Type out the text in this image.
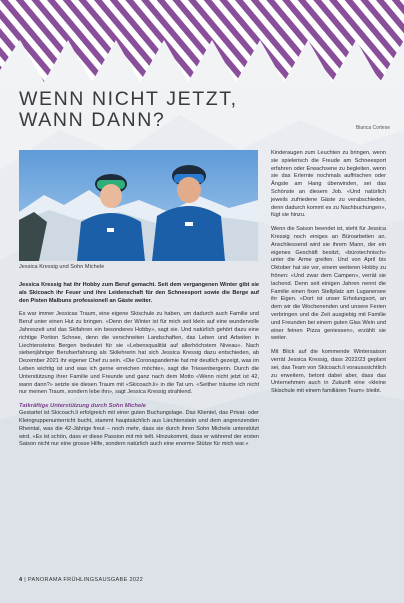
WENN NICHT JETZT,
WANN DANN?	Bianca Cortese
Jessica Kressig und Sohn Michele

Jessica Kressig hat ihr Hobby zum Beruf gemacht. Seit dem vergangenen Winter gibt sie als Skicoach ihr Feuer und ihre Leidenschaft für den Schneesport sowie die Berge auf den Pisten Malbuns professionell an Gäste weiter.

Es war immer Jessicas Traum, eine eigene Skischule zu haben, um dadurch auch Familie und Beruf unter einen Hut zu bringen. «Denn der Winter ist für mich seit klein auf eine wundervolle Jahreszeit und das Skifahren ein besonderes Hobby», sagt sie. Und natürlich gehört dazu eine richtige Portion Schnee, denn die verschneiten Landschaften, das Leben und Arbeiten in Liechtensteins Bergen bedeutet für sie «Lebensqualität auf allerhöchstem Niveau». Nach siebenjähriger Berufserfahrung als Skilehrerin hat sich Jessica Kressig dazu entschieden, ab Dezember 2021 ihr eigener Chef zu sein. «Die Coronapandemie hat mir deutlich gezeigt, was im Leben wichtig ist und was ich gerne erreichen möchte», sagt die Triesenbergerin. Durch die Unterstützung ihrer Familie und Freunde und ganz nach dem Motto «Wenn nicht jetzt ist 42, wann dann?» setzte sie diesen Traum mit «Skicoach.li» in die Tat um. «Seither träume ich nicht nur meinen Traum, sondern lebe ihn», sagt Jessica Kressig strahlend.

Tatkräftige Unterstützung durch Sohn Michele

Gestartet ist Skicoach.li erfolgreich mit einer guten Buchungslage. Das Klientel, das Privat- oder Kleingruppenunterricht bucht, stammt hauptsächlich aus Liechtenstein und dem angrenzenden Rheintal, was die 42-Jährige freut – noch mehr, dass sie durch ihren Sohn Michele unterstützt wird. «Es ist schön, dass er diese Passion mit mir teilt. Hinzukommt, dass er während der ersten Saison nicht nur eine grosse Hilfe, sondern natürlich auch eine enorme Stütze für mich war.»

Kinderaugen zum Leuchten zu bringen, wenn sie spielerisch die Freude am Schneesport erfahren oder Erwachsene zu begleiten, wenn sie das Erlernte nochmals auffrischen oder Ängste am Hang überwinden, sei das Schönste an diesem Job. «Und natürlich jeweils zufriedene Gäste zu verabschieden, denn dadurch kommt es zu Nachbuchungen», fügt sie hinzu.

Wenn die Saison beendet ist, steht für Jessica Kressig noch einiges an Büroarbeiten an. Anschliessend wird sie ihrem Mann, der ein eigenes Geschäft besitzt, «bürotechnisch» unter die Arme greifen. Und von April bis Oktober hat sie vor, einem weiteren Hobby zu frönen: «Und zwar dem Campen», verrät sie lachend. Denn seit einigen Jahren nennt die Familie einen fixen Stellplatz am Luganersee ihr Eigen. «Dort ist unser Erholungsort, an dem wir die Wochenenden und unsere Ferien verbringen und die Zeit ausgiebig mit Familie und Freunden bei einem guten Glas Wein und einer feinen Pizza geniessen», erzählt sie weiter.

Mit Blick auf die kommende Wintersaison verrät Jessica Kressig, dass 2022/23 geplant sei, das Team von Skicoach.li vorausssichtlich zu erweitern, betont dabei aber, dass das Unternehmen auch in Zukunft eine «kleine Skischule mit einem familiären Team» bleibt.

4 | PANORAMA FRÜHLINGSAUSGABE 2022
